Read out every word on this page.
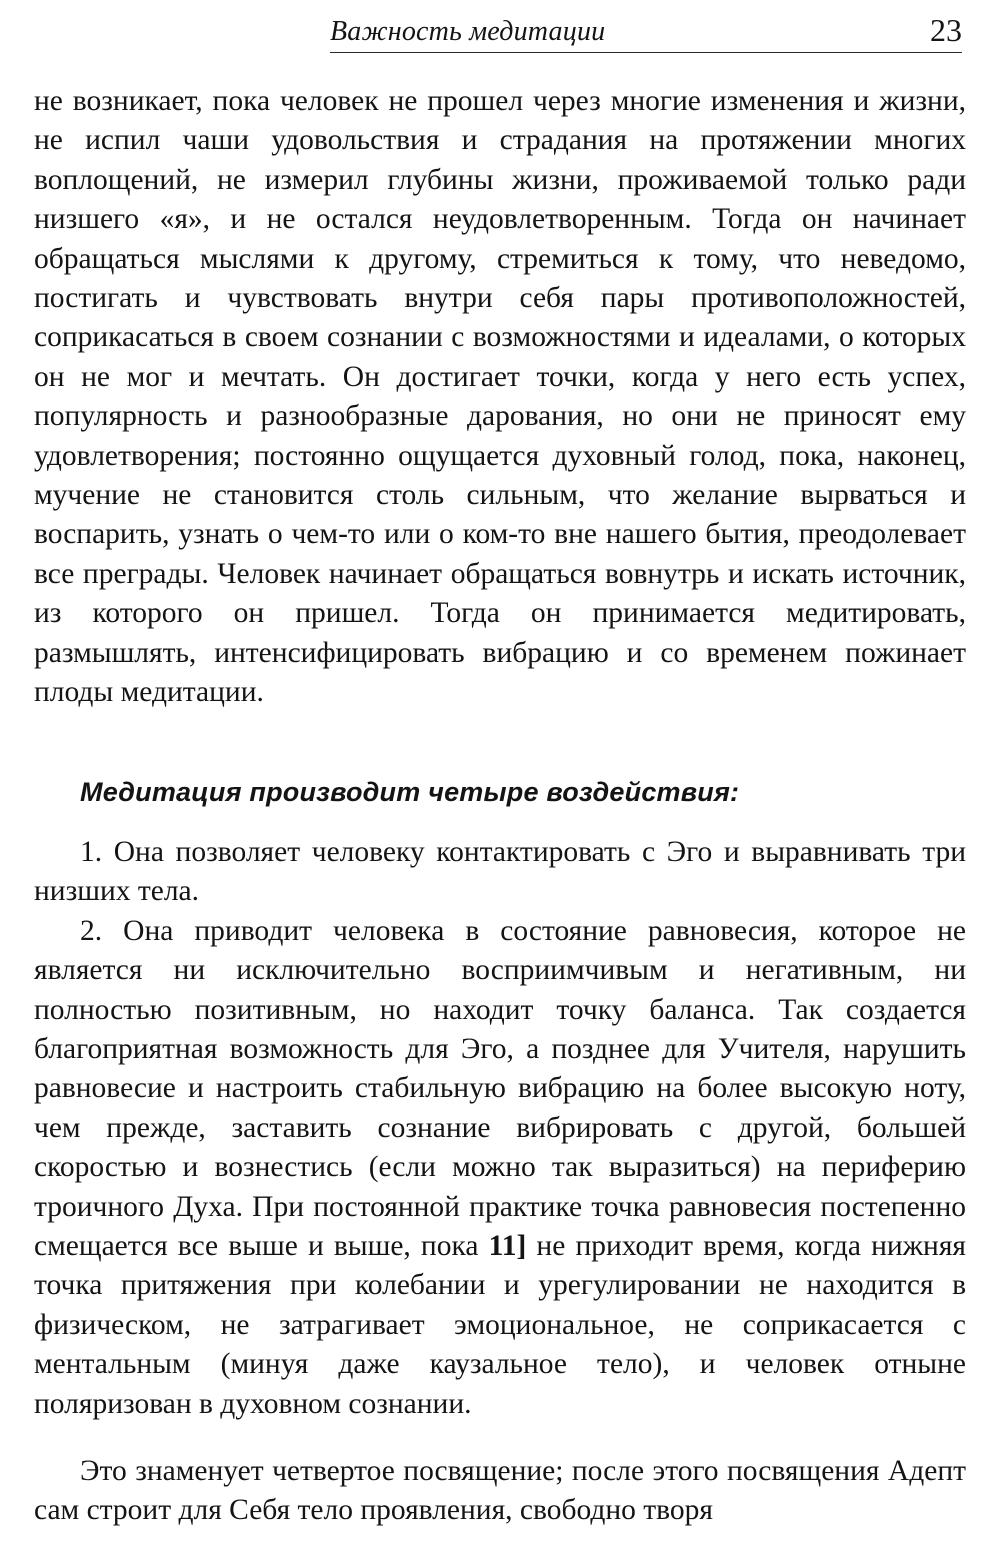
Важность медитации	23

не возникает, пока человек не прошел через многие изменения и жизни, не испил чаши удовольствия и страдания на протяжении многих воплощений, не измерил глубины жизни, проживаемой только ради низшего «я», и не остался неудовлетворенным. Тогда он начинает обращаться мыслями к другому, стремиться к тому, что неведомо, постигать и чувствовать внутри себя пары противоположностей, соприкасаться в своем сознании с возможностями и идеалами, о которых он не мог и мечтать. Он достигает точки, когда у него есть успех, популярность и разнообразные дарования, но они не приносят ему удовлетворения; постоянно ощущается духовный голод, пока, наконец, мучение не становится столь сильным, что желание вырваться и воспарить, узнать о чем-то или о ком-то вне нашего бытия, преодолевает все преграды. Человек начинает обращаться вовнутрь и искать источник, из которого он пришел. Тогда он принимается медитировать, размышлять, интенсифицировать вибрацию и со временем пожинает плоды медитации.

Медитация производит четыре воздействия:

1. Она позволяет человеку контактировать с Эго и выравнивать три низших тела.

2. Она приводит человека в состояние равновесия, которое не является ни исключительно восприимчивым и негативным, ни полностью позитивным, но находит точку баланса. Так создается благоприятная возможность для Эго, а позднее для Учителя, нарушить равновесие и настроить стабильную вибрацию на более высокую ноту, чем прежде, заставить сознание вибрировать с другой, большей скоростью и вознестись (если можно так выразиться) на периферию троичного Духа. При постоянной практике точка равновесия постепенно смещается все выше и выше, пока 11] не приходит время, когда нижняя точка притяжения при колебании и урегулировании не находится в физическом, не затрагивает эмоциональное, не соприкасается с ментальным (минуя даже каузальное тело), и человек отныне поляризован в духовном сознании.

Это знаменует четвертое посвящение; после этого посвящения Адепт сам строит для Себя тело проявления, свободно творя
